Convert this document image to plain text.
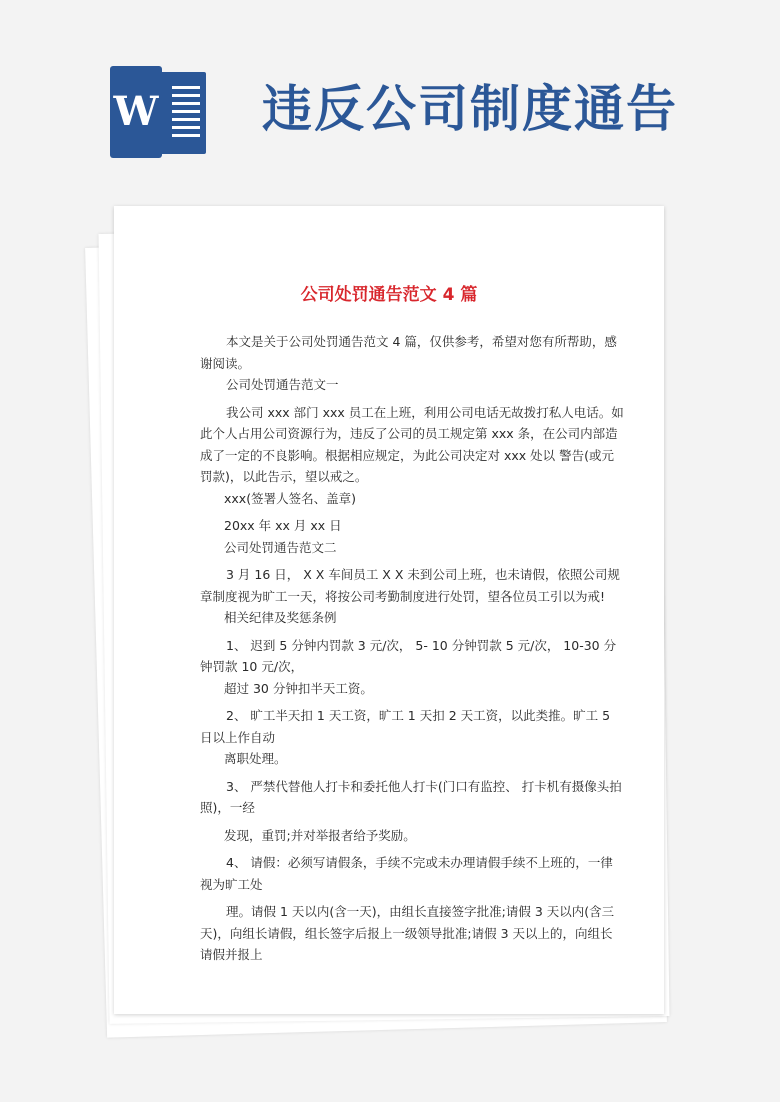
W 违反公司制度通告
公司处罚通告范文 4 篇

本文是关于公司处罚通告范文 4 篇，仅供参考，希望对您有所帮助，感谢阅读。

公司处罚通告范文一

我公司 xxx 部门 xxx 员工在上班，利用公司电话无故拨打私人电话。如此个人占用公司资源行为，违反了公司的员工规定第 xxx 条，在公司内部造成了一定的不良影响。根据相应规定，为此公司决定对 xxx 处以 警告(或元罚款)，以此告示，望以戒之。

xxx(签署人签名、盖章)

20xx 年 xx 月 xx 日

公司处罚通告范文二

3 月 16 日， X X 车间员工 X X 未到公司上班，也未请假，依照公司规章制度视为旷工一天，将按公司考勤制度进行处罚，望各位员工引以为戒!

相关纪律及奖惩条例

1、 迟到 5 分钟内罚款 3 元/次， 5- 10 分钟罚款 5 元/次， 10-30 分钟罚款 10 元/次，

超过 30 分钟扣半天工资。

2、 旷工半天扣 1 天工资，旷工 1 天扣 2 天工资，以此类推。旷工 5 日以上作自动

离职处理。

3、 严禁代替他人打卡和委托他人打卡(门口有监控、 打卡机有摄像头拍照)，一经

发现，重罚;并对举报者给予奖励。

4、 请假：必须写请假条，手续不完或未办理请假手续不上班的，一律视为旷工处

理。请假 1 天以内(含一天)，由组长直接签字批准;请假 3 天以内(含三天)，向组长请假，组长签字后报上一级领导批准;请假 3 天以上的，向组长请假并报上
